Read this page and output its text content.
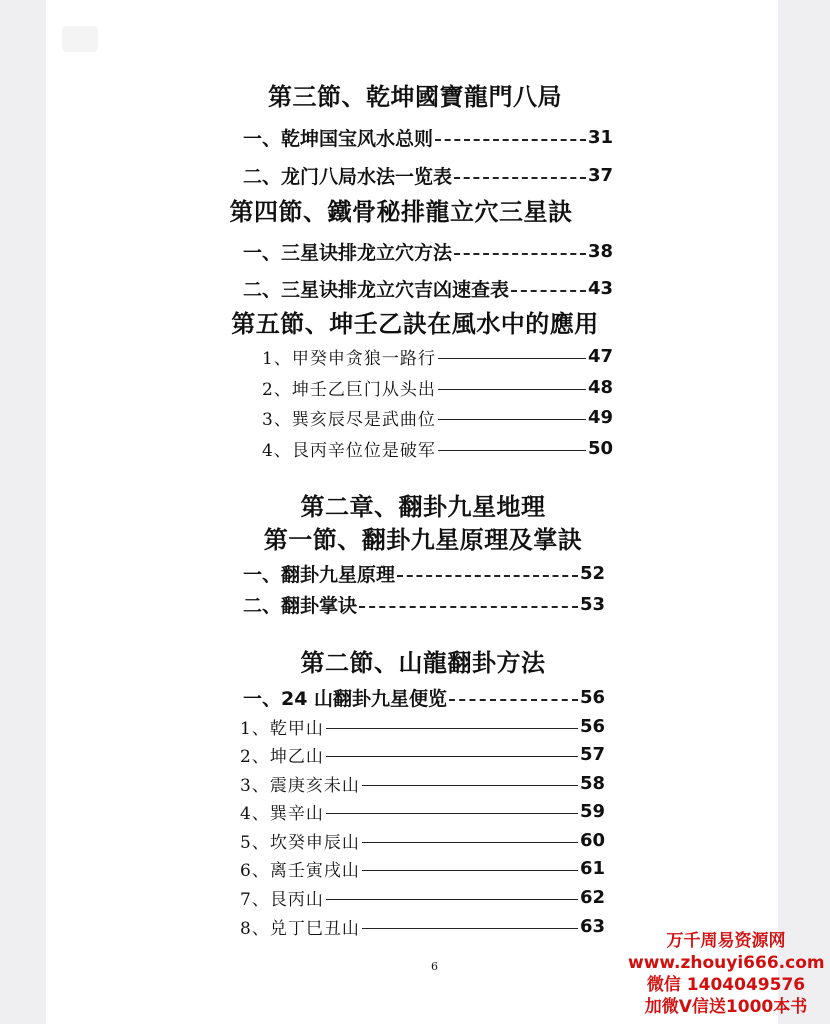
第三節、乾坤國寶龍門八局
一、乾坤国宝风水总则	31
二、龙门八局水法一览表	37
第四節、鐵骨秘排龍立穴三星訣
一、三星诀排龙立穴方法	38
二、三星诀排龙立穴吉凶速查表	43
第五節、坤壬乙訣在風水中的應用
1、甲癸申贪狼一路行	47
2、坤壬乙巨门从头出	48
3、巽亥辰尽是武曲位	49
4、艮丙辛位位是破军	50
第二章、翻卦九星地理
第一節、翻卦九星原理及掌訣
一、翻卦九星原理	52
二、翻卦掌诀	53
第二節、山龍翻卦方法
一、24 山翻卦九星便览	56
1、乾甲山	56
2、坤乙山	57
3、震庚亥未山	58
4、巽辛山	59
5、坎癸申辰山	60
6、离壬寅戌山	61
7、艮丙山	62
8、兑丁巳丑山	63
6
万千周易资源网
www.zhouyi666.com
微信 1404049576
加微V信送1000本书
